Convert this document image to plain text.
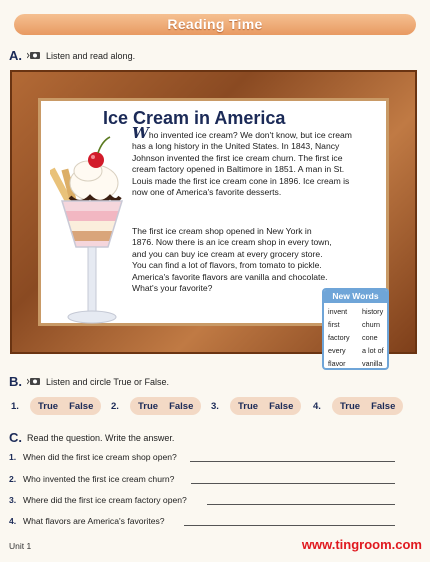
Reading Time
A.	Listen and read along.
Ice Cream in America

Who invented ice cream? We don't know, but ice cream has a long history in the United States. In 1843, Nancy Johnson invented the first ice cream churn. The first ice cream factory opened in Baltimore in 1851. A man in St. Louis made the first ice cream cone in 1896. Ice cream is now one of America's favorite desserts.

The first ice cream shop opened in New York in 1876. Now there is an ice cream shop in every town, and you can buy ice cream at every grocery store. You can find a lot of flavors, from tomato to pickle. America's favorite flavors are vanilla and chocolate. What's your favorite?

New Words
invent	history
first	churn
factory	cone
every	a lot of
flavor	vanilla
B.	Listen and circle True or False.
1.	True False 2.	True False 3.	True False 4.	True False
C. Read the question. Write the answer.
1. When did the first ice cream shop open?
2. Who invented the first ice cream churn?
3. Where did the first ice cream factory open?
4. What flavors are America's favorites?
Unit 1	www.tingroom.com
